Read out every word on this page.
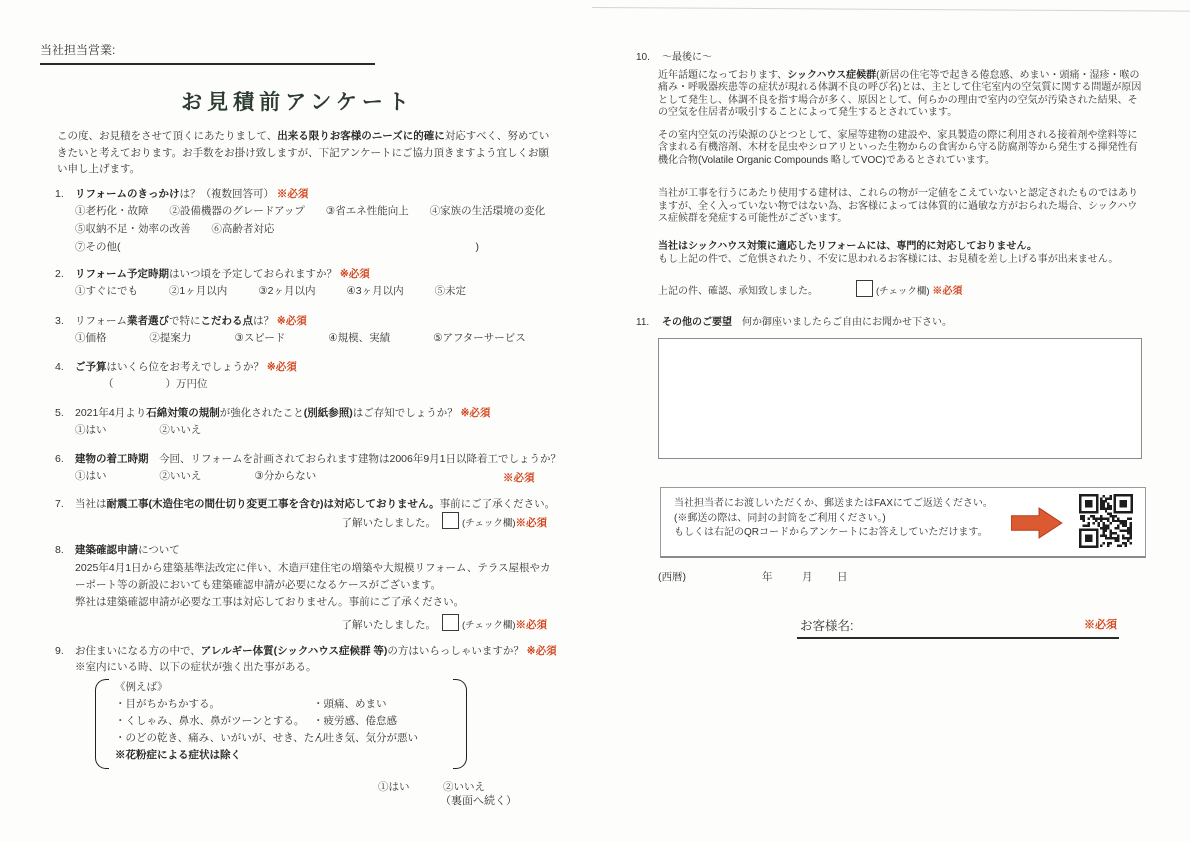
当社担当営業:
お見積前アンケート
この度、お見積をさせて頂くにあたりまして、出来る限りお客様のニーズに的確に対応すべく、努めていきたいと考えております。お手数をお掛け致しますが、下記アンケートにご協力頂きますよう宜しくお願い申し上げます。
1. リフォームのきっかけは？（複数回答可） ※必須
①老朽化・故障 ②設備機器のグレードアップ ③省エネ性能向上 ④家族の生活環境の変化
⑤収納不足・効率の改善 ⑥高齢者対応
⑦その他(	)
2. リフォーム予定時期はいつ頃を予定しておられますか？ ※必須
①すぐにでも	②1ヶ月以内	③2ヶ月以内	④3ヶ月以内	⑤未定
3. リフォーム業者選びで特にこだわる点は？ ※必須
①価格	②提案力	③スピード	④規模、実績	⑤アフターサービス
4. ご予算はいくら位をお考えでしょうか？ ※必須
（	）万円位
5. 2021年4月より石綿対策の規制が強化されたこと(別紙参照)はご存知でしょうか？ ※必須
①はい	②いいえ
6. 建物の着工時期　今回、リフォームを計画されておられます建物は2006年9月1日以降着工でしょうか？
①はい	②いいえ	③分からない	※必須
7. 当社は耐震工事(木造住宅の間仕切り変更工事を含む)は対応しておりません。事前にご了承ください。
了解いたしました。	(チェック欄)※必須
8. 建築確認申請について
2025年4月1日から建築基準法改定に伴い、木造戸建住宅の増築や大規模リフォーム、テラス屋根やカーポート等の新設においても建築確認申請が必要になるケースがございます。
弊社は建築確認申請が必要な工事は対応しておりません。事前にご了承ください。
了解いたしました。	(チェック欄)※必須
9. お住まいになる方の中で、アレルギー体質(シックハウス症候群 等)の方はいらっしゃいますか？ ※必須
※室内にいる時、以下の症状が強く出た事がある。
《例えば》
・目がちかちかする。
・くしゃみ、鼻水、鼻がツーンとする。
・のどの乾き、痛み、いがいが、せき、たん
※花粉症による症状は除く
・頭痛、めまい
・疲労感、倦怠感
・吐き気、気分が悪い
①はい	②いいえ
（裏面へ続く）
10. ～最後に～

近年話題になっております、シックハウス症候群(新居の住宅等で起きる倦怠感、めまい・頭痛・湿疹・喉の痛み・呼吸器疾患等の症状が現れる体調不良の呼び名)とは、主として住宅室内の空気質に関する問題が原因として発生し、体調不良を指す場合が多く、原因として、何らかの理由で室内の空気が汚染された結果、その空気を住居者が吸引することによって発生するとされています。

その室内空気の汚染源のひとつとして、家屋等建物の建設や、家具製造の際に利用される接着剤や塗料等に含まれる有機溶剤、木材を昆虫やシロアリといった生物からの食害から守る防腐剤等から発生する揮発性有機化合物(Volatile Organic Compounds 略してVOC)であるとされています。

当社が工事を行うにあたり使用する建材は、これらの物が一定値をこえていないと認定されたものではありますが、全く入っていない物ではない為、お客様によっては体質的に過敏な方がおられた場合、シックハウス症候群を発症する可能性がございます。

当社はシックハウス対策に適応したリフォームには、専門的に対応しておりません。

もし上記の件で、ご危惧されたり、不安に思われるお客様には、お見積を差し上げる事が出来ません。

上記の件、確認、承知致しました。	(チェック欄) ※必須
11. その他のご要望　何か御座いましたらご自由にお聞かせ下さい。
当社担当者にお渡しいただくか、郵送またはFAXにてご返送ください。
(※郵送の際は、同封の封筒をご利用ください。)
もしくは右記のQRコードからアンケートにお答えしていただけます。
(西暦)	年	月 日
お客様名:	※必須
